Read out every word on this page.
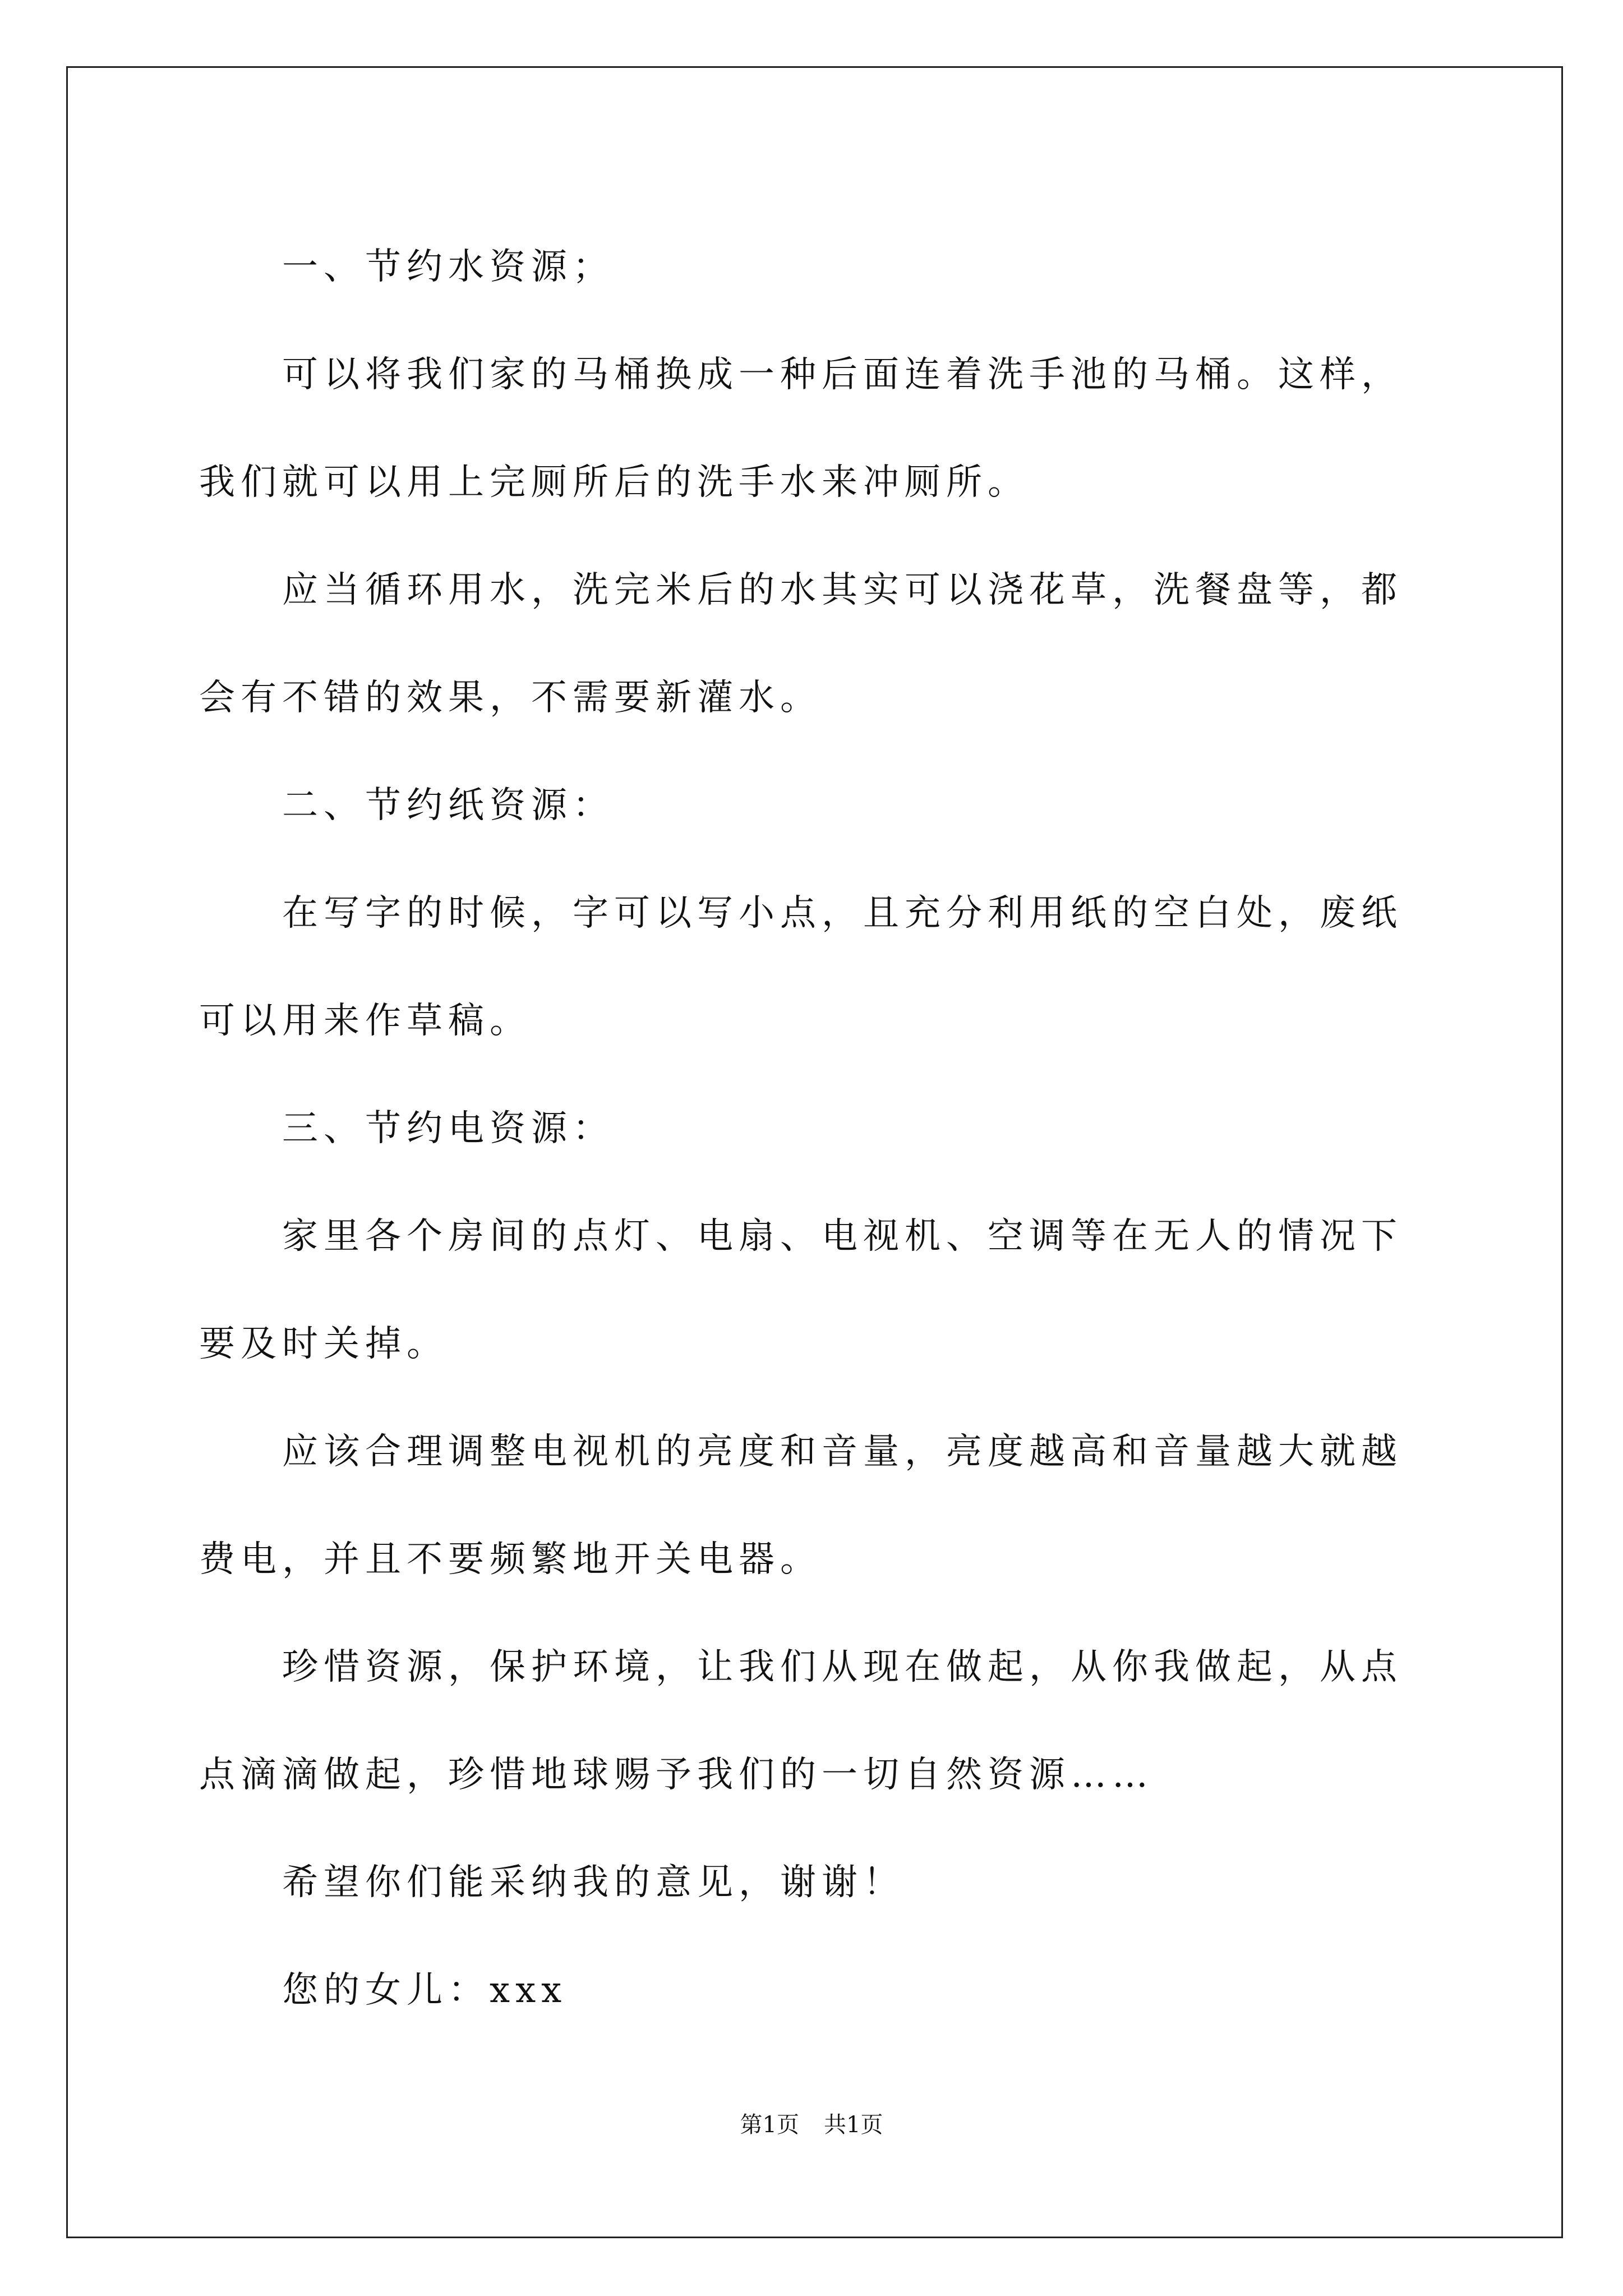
一、节约水资源；

可以将我们家的马桶换成一种后面连着洗手池的马桶。这样，我们就可以用上完厕所后的洗手水来冲厕所。

应当循环用水，洗完米后的水其实可以浇花草，洗餐盘等，都会有不错的效果，不需要新灌水。

二、节约纸资源：

在写字的时候，字可以写小点，且充分利用纸的空白处，废纸可以用来作草稿。

三、节约电资源：

家里各个房间的点灯、电扇、电视机、空调等在无人的情况下要及时关掉。

应该合理调整电视机的亮度和音量，亮度越高和音量越大就越费电，并且不要频繁地开关电器。

珍惜资源，保护环境，让我们从现在做起，从你我做起，从点点滴滴做起，珍惜地球赐予我们的一切自然资源……

希望你们能采纳我的意见，谢谢！

您的女儿：xxx

第1页 共1页
